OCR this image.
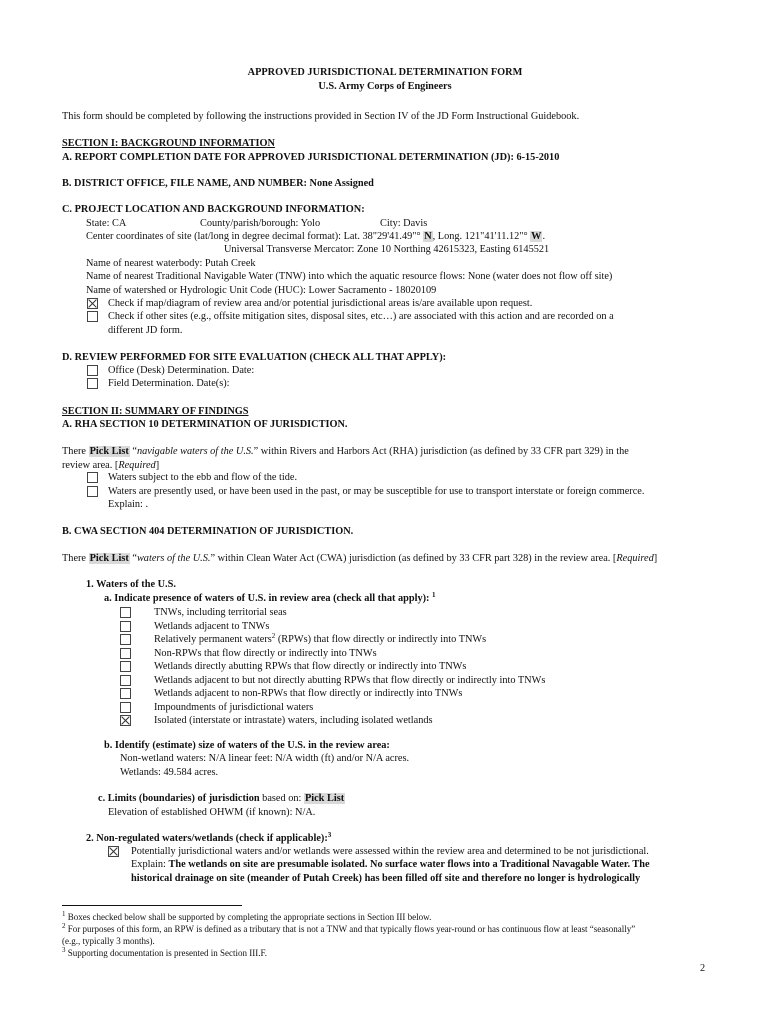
APPROVED JURISDICTIONAL DETERMINATION FORM
U.S. Army Corps of Engineers
This form should be completed by following the instructions provided in Section IV of the JD Form Instructional Guidebook.
SECTION I: BACKGROUND INFORMATION
A. REPORT COMPLETION DATE FOR APPROVED JURISDICTIONAL DETERMINATION (JD): 6-15-2010
B. DISTRICT OFFICE, FILE NAME, AND NUMBER: None Assigned
C. PROJECT LOCATION AND BACKGROUND INFORMATION:
State: CA	County/parish/borough: Yolo	City: Davis
Center coordinates of site (lat/long in degree decimal format): Lat. 38"29'41.49"° N, Long. 121"41'11.12"° W.
Universal Transverse Mercator: Zone 10 Northing 42615323, Easting 6145521
Name of nearest waterbody: Putah Creek
Name of nearest Traditional Navigable Water (TNW) into which the aquatic resource flows: None (water does not flow off site)
Name of watershed or Hydrologic Unit Code (HUC): Lower Sacramento - 18020109
Check if map/diagram of review area and/or potential jurisdictional areas is/are available upon request.
Check if other sites (e.g., offsite mitigation sites, disposal sites, etc…) are associated with this action and are recorded on a
different JD form.
D. REVIEW PERFORMED FOR SITE EVALUATION (CHECK ALL THAT APPLY):
Office (Desk) Determination. Date:
Field Determination. Date(s):
SECTION II: SUMMARY OF FINDINGS
A. RHA SECTION 10 DETERMINATION OF JURISDICTION.
There Pick List “navigable waters of the U.S.” within Rivers and Harbors Act (RHA) jurisdiction (as defined by 33 CFR part 329) in the
review area. [Required]
Waters subject to the ebb and flow of the tide.
Waters are presently used, or have been used in the past, or may be susceptible for use to transport interstate or foreign commerce.
Explain: .
B. CWA SECTION 404 DETERMINATION OF JURISDICTION.
There Pick List “waters of the U.S.” within Clean Water Act (CWA) jurisdiction (as defined by 33 CFR part 328) in the review area. [Required]
1. Waters of the U.S.
a. Indicate presence of waters of U.S. in review area (check all that apply): $^1$
TNWs, including territorial seas
Wetlands adjacent to TNWs
Relatively permanent waters$^2$ (RPWs) that flow directly or indirectly into TNWs
Non-RPWs that flow directly or indirectly into TNWs
Wetlands directly abutting RPWs that flow directly or indirectly into TNWs
Wetlands adjacent to but not directly abutting RPWs that flow directly or indirectly into TNWs
Wetlands adjacent to non-RPWs that flow directly or indirectly into TNWs
Impoundments of jurisdictional waters
Isolated (interstate or intrastate) waters, including isolated wetlands
b. Identify (estimate) size of waters of the U.S. in the review area:
Non-wetland waters: N/A linear feet: N/A width (ft) and/or N/A acres.
Wetlands: 49.584 acres.
c. Limits (boundaries) of jurisdiction based on: Pick List
Elevation of established OHWM (if known): N/A.
2. Non-regulated waters/wetlands (check if applicable):$^3$
Potentially jurisdictional waters and/or wetlands were assessed within the review area and determined to be not jurisdictional.
Explain: The wetlands on site are presumable isolated. No surface water flows into a Traditional Navagable Water. The
historical drainage on site (meander of Putah Creek) has been filled off site and therefore no longer is hydrologically
$^1$ Boxes checked below shall be supported by completing the appropriate sections in Section III below.
$^2$ For purposes of this form, an RPW is defined as a tributary that is not a TNW and that typically flows year-round or has continuous flow at least “seasonally”
(e.g., typically 3 months).
$^3$ Supporting documentation is presented in Section III.F.
2
